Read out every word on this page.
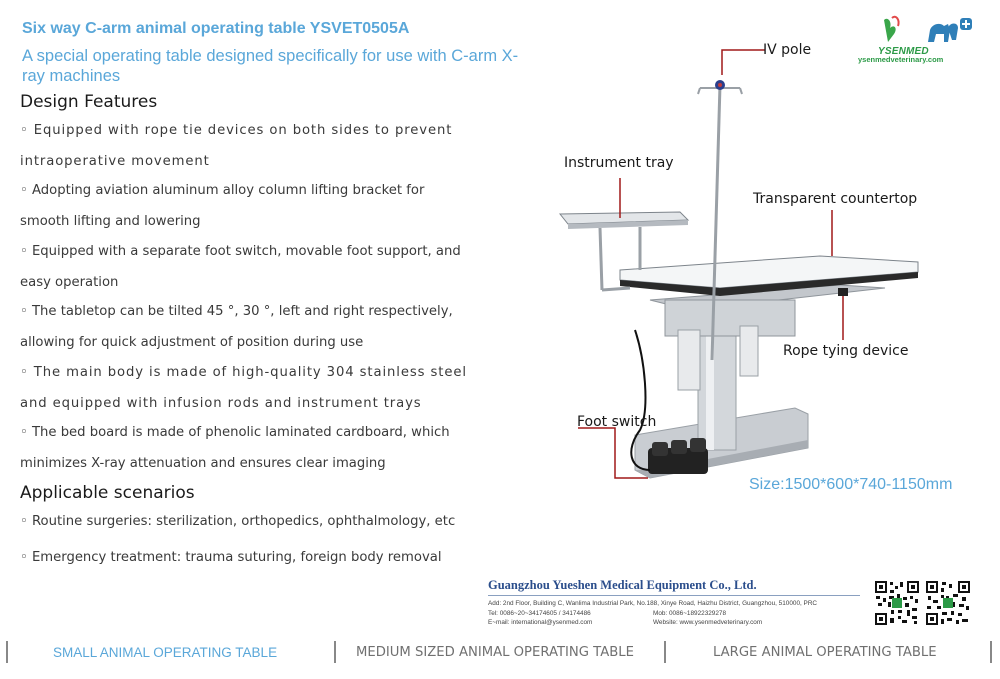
Six way C-arm animal operating table YSVET0505A
A special operating table designed specifically for use with C-arm X-ray machines
YSENMED
ysenmedveterinary.com
Design Features
◦ Equipped with rope tie devices on both sides to prevent intraoperative movement
◦ Adopting aviation aluminum alloy column lifting bracket for smooth lifting and lowering
◦ Equipped with a separate foot switch, movable foot support, and easy operation
◦ The tabletop can be tilted 45 °, 30 °, left and right respectively, allowing for quick adjustment of position during use
◦ The main body is made of high-quality 304 stainless steel and equipped with infusion rods and instrument trays
◦ The bed board is made of phenolic laminated cardboard, which minimizes X-ray attenuation and ensures clear imaging
Applicable scenarios
◦ Routine surgeries: sterilization, orthopedics, ophthalmology, etc
◦ Emergency treatment: trauma suturing, foreign body removal
IV pole
Instrument tray
Transparent countertop
Rope tying device
Foot switch
Size:1500*600*740-1150mm
Guangzhou Yueshen Medical Equipment Co., Ltd.
Add: 2nd Floor, Building C, Wanlima Industrial Park, No.188, Xinye Road, Haizhu District, Guangzhou, 510000, PRC
Tel: 0086~20~34174605 / 34174486	Mob: 0086~18922329278
E~mail: international@ysenmed.com	Website: www.ysenmedveterinary.com
SMALL ANIMAL OPERATING TABLE	MEDIUM SIZED ANIMAL OPERATING TABLE	LARGE ANIMAL OPERATING TABLE
